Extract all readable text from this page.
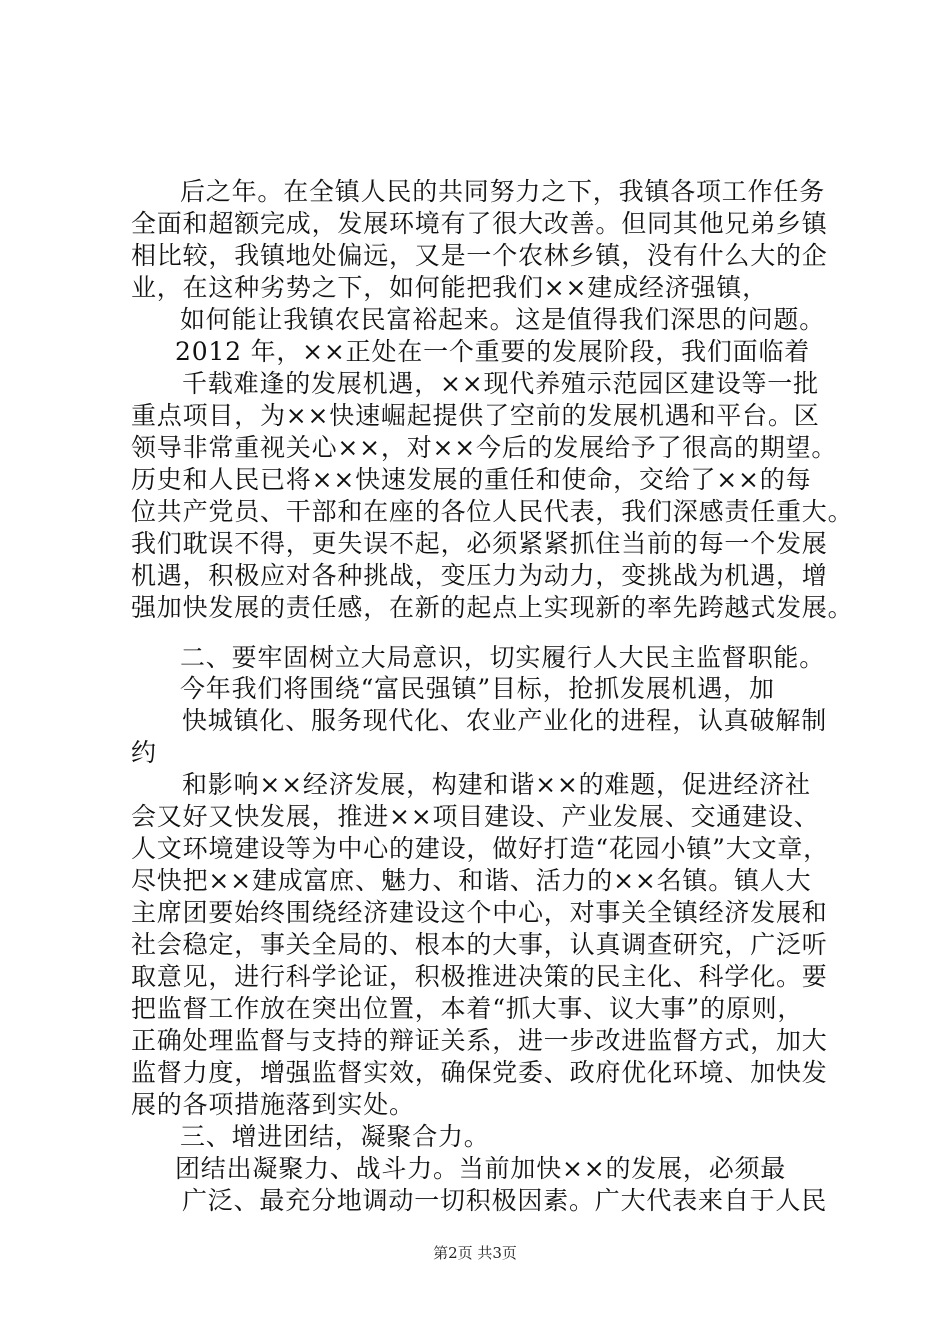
后之年。在全镇人民的共同努力之下，我镇各项工作任务
全面和超额完成，发展环境有了很大改善。但同其他兄弟乡镇
相比较，我镇地处偏远，又是一个农林乡镇，没有什么大的企
业，在这种劣势之下，如何能把我们××建成经济强镇，
如何能让我镇农民富裕起来。这是值得我们深思的问题。
2012 年，××正处在一个重要的发展阶段，我们面临着
千载难逢的发展机遇，××现代养殖示范园区建设等一批
重点项目，为××快速崛起提供了空前的发展机遇和平台。区
领导非常重视关心××，对××今后的发展给予了很高的期望。
历史和人民已将××快速发展的重任和使命，交给了××的每
位共产党员、干部和在座的各位人民代表，我们深感责任重大。
我们耽误不得，更失误不起，必须紧紧抓住当前的每一个发展
机遇，积极应对各种挑战，变压力为动力，变挑战为机遇，增
强加快发展的责任感，在新的起点上实现新的率先跨越式发展。
二、要牢固树立大局意识，切实履行人大民主监督职能。
今年我们将围绕“富民强镇”目标，抢抓发展机遇，加
快城镇化、服务现代化、农业产业化的进程，认真破解制
约
和影响××经济发展，构建和谐××的难题，促进经济社
会又好又快发展，推进××项目建设、产业发展、交通建设、
人文环境建设等为中心的建设，做好打造“花园小镇”大文章，
尽快把××建成富庶、魅力、和谐、活力的××名镇。镇人大
主席团要始终围绕经济建设这个中心，对事关全镇经济发展和
社会稳定，事关全局的、根本的大事，认真调查研究，广泛听
取意见，进行科学论证，积极推进决策的民主化、科学化。要
把监督工作放在突出位置，本着“抓大事、议大事”的原则，
正确处理监督与支持的辩证关系，进一步改进监督方式，加大
监督力度，增强监督实效，确保党委、政府优化环境、加快发
展的各项措施落到实处。
三、增进团结，凝聚合力。
团结出凝聚力、战斗力。当前加快××的发展，必须最
广泛、最充分地调动一切积极因素。广大代表来自于人民
第2页 共3页
